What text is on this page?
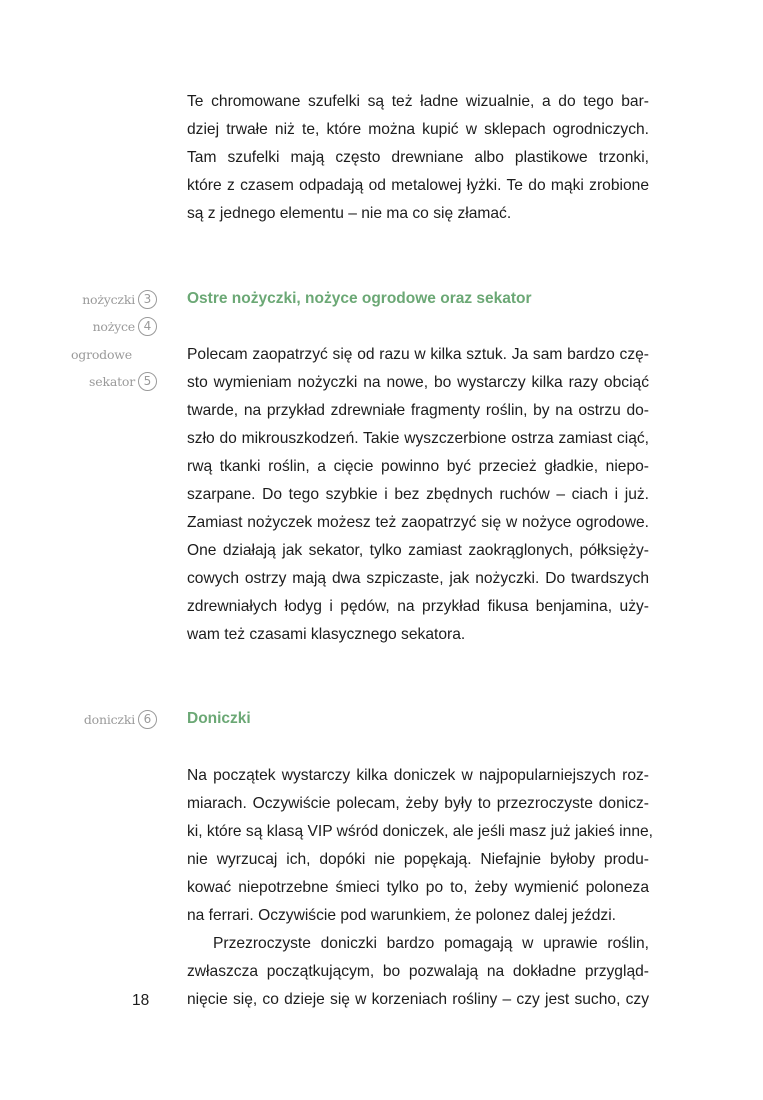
Te chromowane szufelki są też ładne wizualnie, a do tego bar-
dziej trwałe niż te, które można kupić w sklepach ogrodniczych.
Tam szufelki mają często drewniane albo plastikowe trzonki,
które z czasem odpadają od metalowej łyżki. Te do mąki zrobione
są z jednego elementu – nie ma co się złamać.
nożyczki 3
nożyce 4
ogrodowe
sekator 5
Ostre nożyczki, nożyce ogrodowe oraz sekator
Polecam zaopatrzyć się od razu w kilka sztuk. Ja sam bardzo czę-
sto wymieniam nożyczki na nowe, bo wystarczy kilka razy obciąć
twarde, na przykład zdrewniałe fragmenty roślin, by na ostrzu do-
szło do mikrouszkodzeń. Takie wyszczerbione ostrza zamiast ciąć,
rwą tkanki roślin, a cięcie powinno być przecież gładkie, niepo-
szarpane. Do tego szybkie i bez zbędnych ruchów – ciach i już.
Zamiast nożyczek możesz też zaopatrzyć się w nożyce ogrodowe.
One działają jak sekator, tylko zamiast zaokrąglonych, półksięży-
cowych ostrzy mają dwa szpiczaste, jak nożyczki. Do twardszych
zdrewniałych łodyg i pędów, na przykład fikusa benjamina, uży-
wam też czasami klasycznego sekatora.
doniczki 6	Doniczki
Na początek wystarczy kilka doniczek w najpopularniejszych roz-
miarach. Oczywiście polecam, żeby były to przezroczyste donicz-
ki, które są klasą VIP wśród doniczek, ale jeśli masz już jakieś inne,
nie wyrzucaj ich, dopóki nie popękają. Niefajnie byłoby produ-
kować niepotrzebne śmieci tylko po to, żeby wymienić poloneza
na ferrari. Oczywiście pod warunkiem, że polonez dalej jeździ.
Przezroczyste doniczki bardzo pomagają w uprawie roślin,
zwłaszcza początkującym, bo pozwalają na dokładne przygląd-
nięcie się, co dzieje się w korzeniach rośliny – czy jest sucho, czy
18
